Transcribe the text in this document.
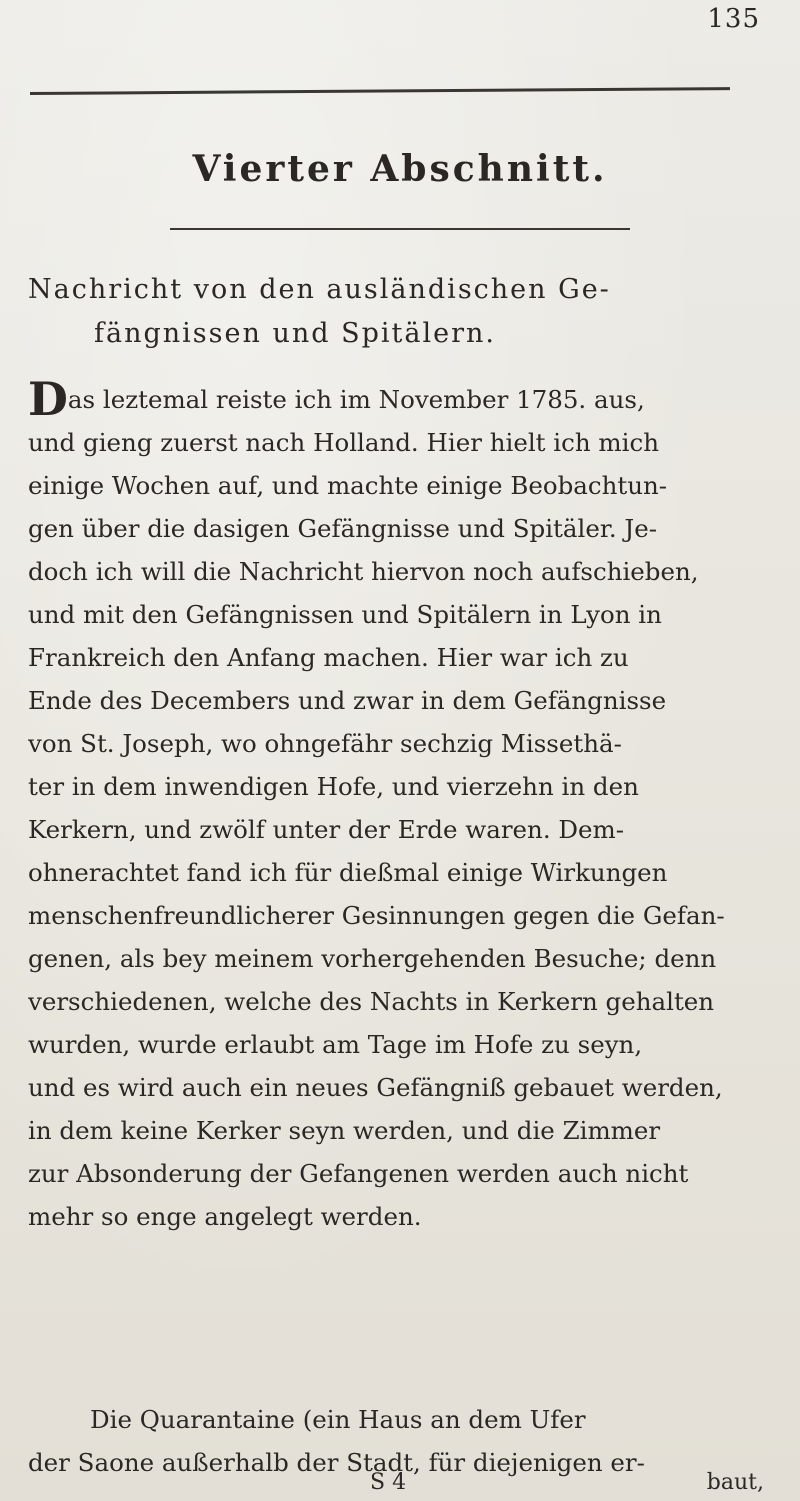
135
Vierter Abschnitt.
Nachricht von den ausländischen Ge-
fängnissen und Spitälern.
Das leztemal reiste ich im November 1785. aus,
und gieng zuerst nach Holland. Hier hielt ich mich
einige Wochen auf, und machte einige Beobachtun-
gen über die dasigen Gefängnisse und Spitäler. Je-
doch ich will die Nachricht hiervon noch aufschieben,
und mit den Gefängnissen und Spitälern in Lyon in
Frankreich den Anfang machen. Hier war ich zu
Ende des Decembers und zwar in dem Gefängnisse
von St. Joseph, wo ohngefähr sechzig Missethä-
ter in dem inwendigen Hofe, und vierzehn in den
Kerkern, und zwölf unter der Erde waren. Dem-
ohnerachtet fand ich für dießmal einige Wirkungen
menschenfreundlicherer Gesinnungen gegen die Gefan-
genen, als bey meinem vorhergehenden Besuche; denn
verschiedenen, welche des Nachts in Kerkern gehalten
wurden, wurde erlaubt am Tage im Hofe zu seyn,
und es wird auch ein neues Gefängniß gebauet werden,
in dem keine Kerker seyn werden, und die Zimmer
zur Absonderung der Gefangenen werden auch nicht
mehr so enge angelegt werden.
Die Quarantaine (ein Haus an dem Ufer
der Saone außerhalb der Stadt, für diejenigen er-
S 4	baut,
